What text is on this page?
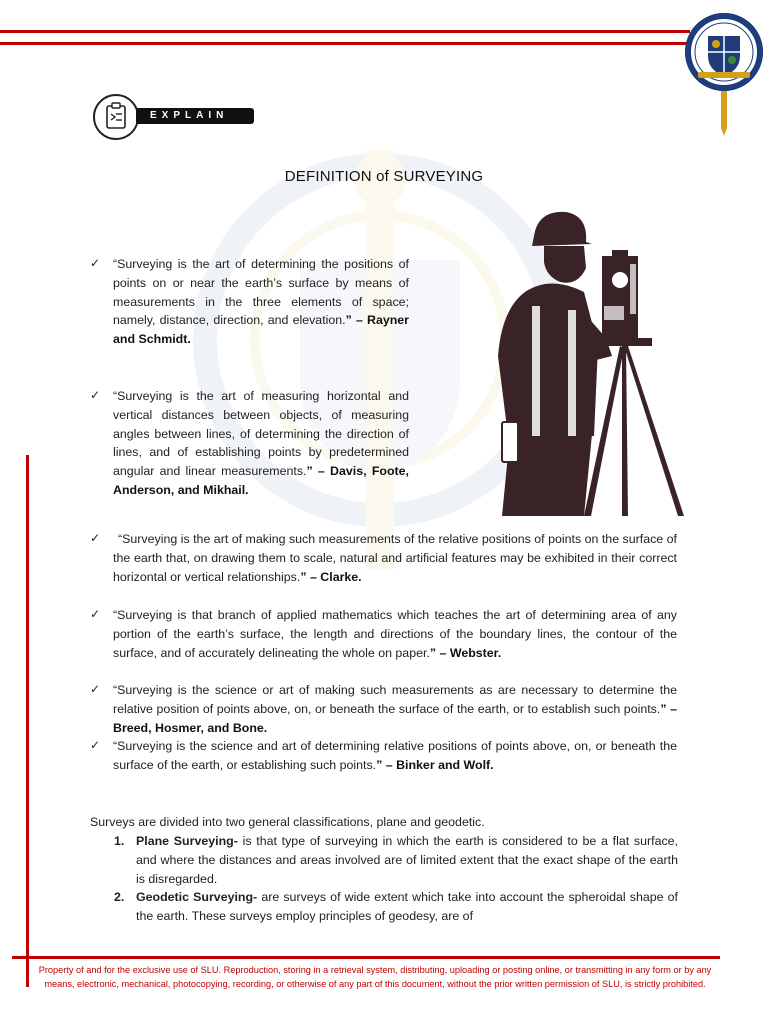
EXPLAIN
DEFINITION of SURVEYING
✓ “Surveying is the art of determining the positions of points on or near the earth’s surface by means of measurements in the three elements of space; namely, distance, direction, and elevation.” – Rayner and Schmidt.
✓ “Surveying is the art of measuring horizontal and vertical distances between objects, of measuring angles between lines, of determining the direction of lines, and of establishing points by predetermined angular and linear measurements.” – Davis, Foote, Anderson, and Mikhail.
✓	“Surveying is the art of making such measurements of the relative positions of points on the surface of the earth that, on drawing them to scale, natural and artificial features may be exhibited in their correct horizontal or vertical relationships.” – Clarke.
✓ “Surveying is that branch of applied mathematics which teaches the art of determining area of any portion of the earth’s surface, the length and directions of the boundary lines, the contour of the surface, and of accurately delineating the whole on paper.” – Webster.
✓ “Surveying is the science or art of making such measurements as are necessary to determine the relative position of points above, on, or beneath the surface of the earth, or to establish such points.” –Breed, Hosmer, and Bone.
✓ “Surveying is the science and art of determining relative positions of points above, on, or beneath the surface of the earth, or establishing such points.” – Binker and Wolf.
Surveys are divided into two general classifications, plane and geodetic.
1. Plane Surveying- is that type of surveying in which the earth is considered to be a flat surface, and where the distances and areas involved are of limited extent that the exact shape of the earth is disregarded.
2. Geodetic Surveying- are surveys of wide extent which take into account the spheroidal shape of the earth. These surveys employ principles of geodesy, are of
Property of and for the exclusive use of SLU. Reproduction, storing in a retrieval system, distributing, uploading or posting online, or transmitting in any form or by any means, electronic, mechanical, photocopying, recording, or otherwise of any part of this document, without the prior written permission of SLU, is strictly prohibited.
